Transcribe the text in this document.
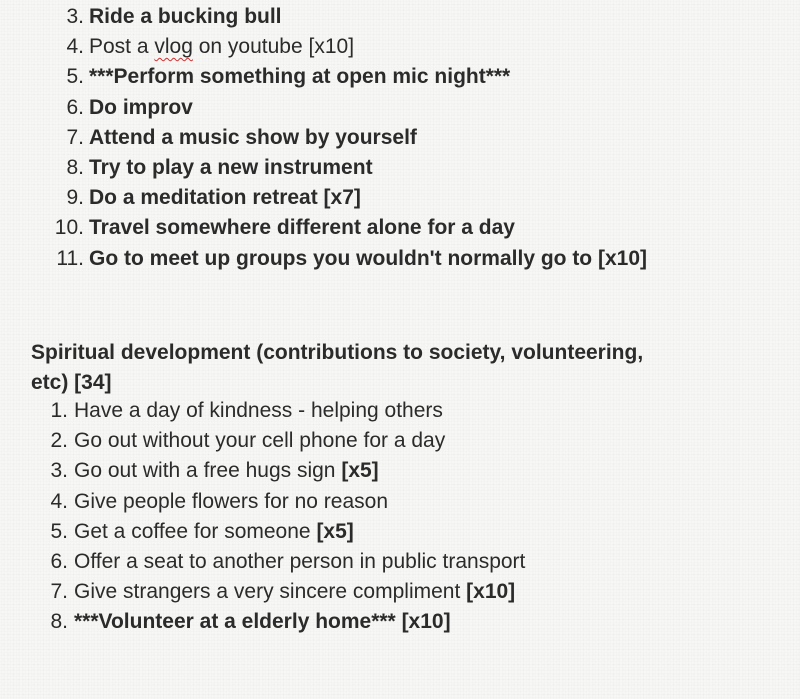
3. Ride a bucking bull
4. Post a vlog on youtube [x10]
5. ***Perform something at open mic night***
6. Do improv
7. Attend a music show by yourself
8. Try to play a new instrument
9. Do a meditation retreat [x7]
10. Travel somewhere different alone for a day
11. Go to meet up groups you wouldn't normally go to [x10]
Spiritual development (contributions to society, volunteering,
etc) [34]
1. Have a day of kindness - helping others
2. Go out without your cell phone for a day
3. Go out with a free hugs sign [x5]
4. Give people flowers for no reason
5. Get a coffee for someone [x5]
6. Offer a seat to another person in public transport
7. Give strangers a very sincere compliment [x10]
8. ***Volunteer at a elderly home*** [x10]
